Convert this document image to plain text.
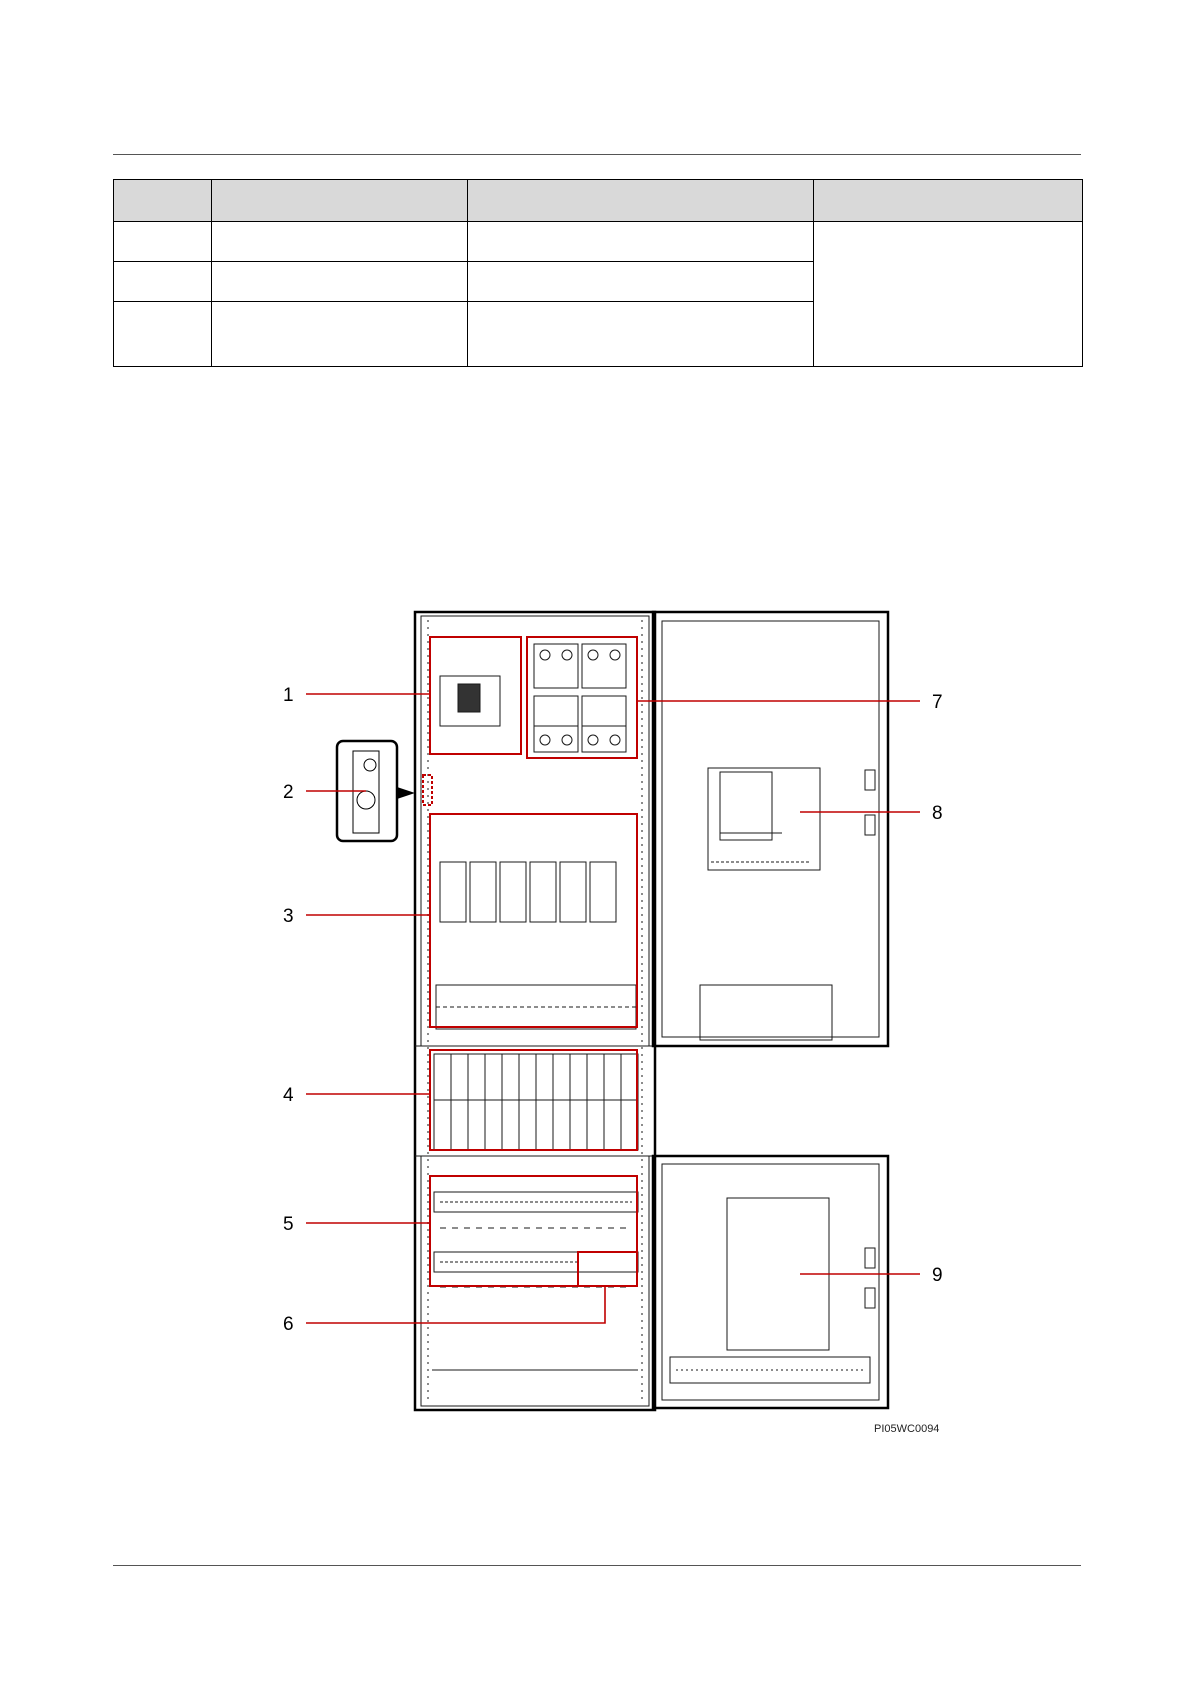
1
2
3
4
5
6
7
8
9
PI05WC0094
